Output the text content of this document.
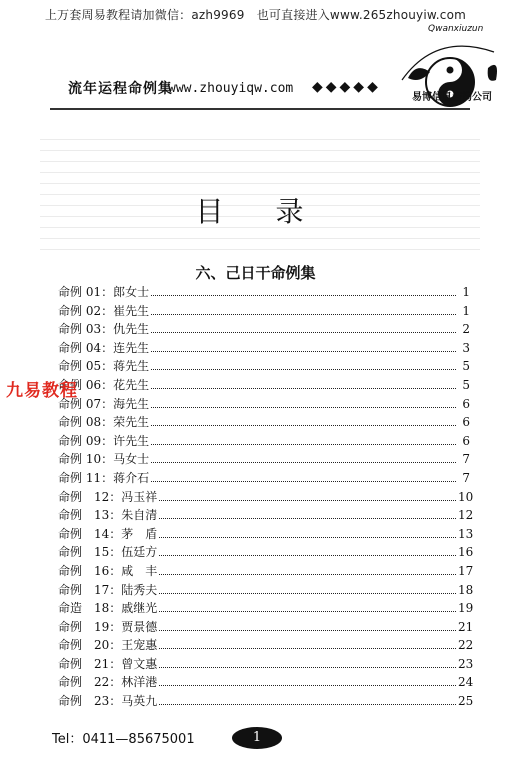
上万套周易教程请加微信：azh9969　也可直接进入www.265zhouyiw.com
流年运程命例集
www.zhouyiqw.com ◆◆◆◆◆
Qwanxiuzun
易博信息咨询公司
目　录
六、己日干命例集
命例 01： 郎女士	1
命例 02： 崔先生	1
命例 03： 仇先生	2
命例 04： 连先生	3
命例 05： 蒋先生	5
命例 06： 花先生	5
命例 07： 海先生	6
命例 08： 荣先生	6
命例 09： 许先生	6
命例 10： 马女士	7
命例 11： 蒋介石	7
命例　12： 冯玉祥	10
命例　13： 朱自清	12
命例　14： 茅　盾	13
命例　15： 伍廷方	16
命例　16： 咸　丰	17
命例　17： 陆秀夫	18
命造　18： 戚继光	19
命例　19： 贾景德	21
命例　20： 王宠惠	22
命例　21： 曾文惠	23
命例　22： 林洋港	24
命例　23： 马英九	25
九易教程
Tel：0411—85675001	1
